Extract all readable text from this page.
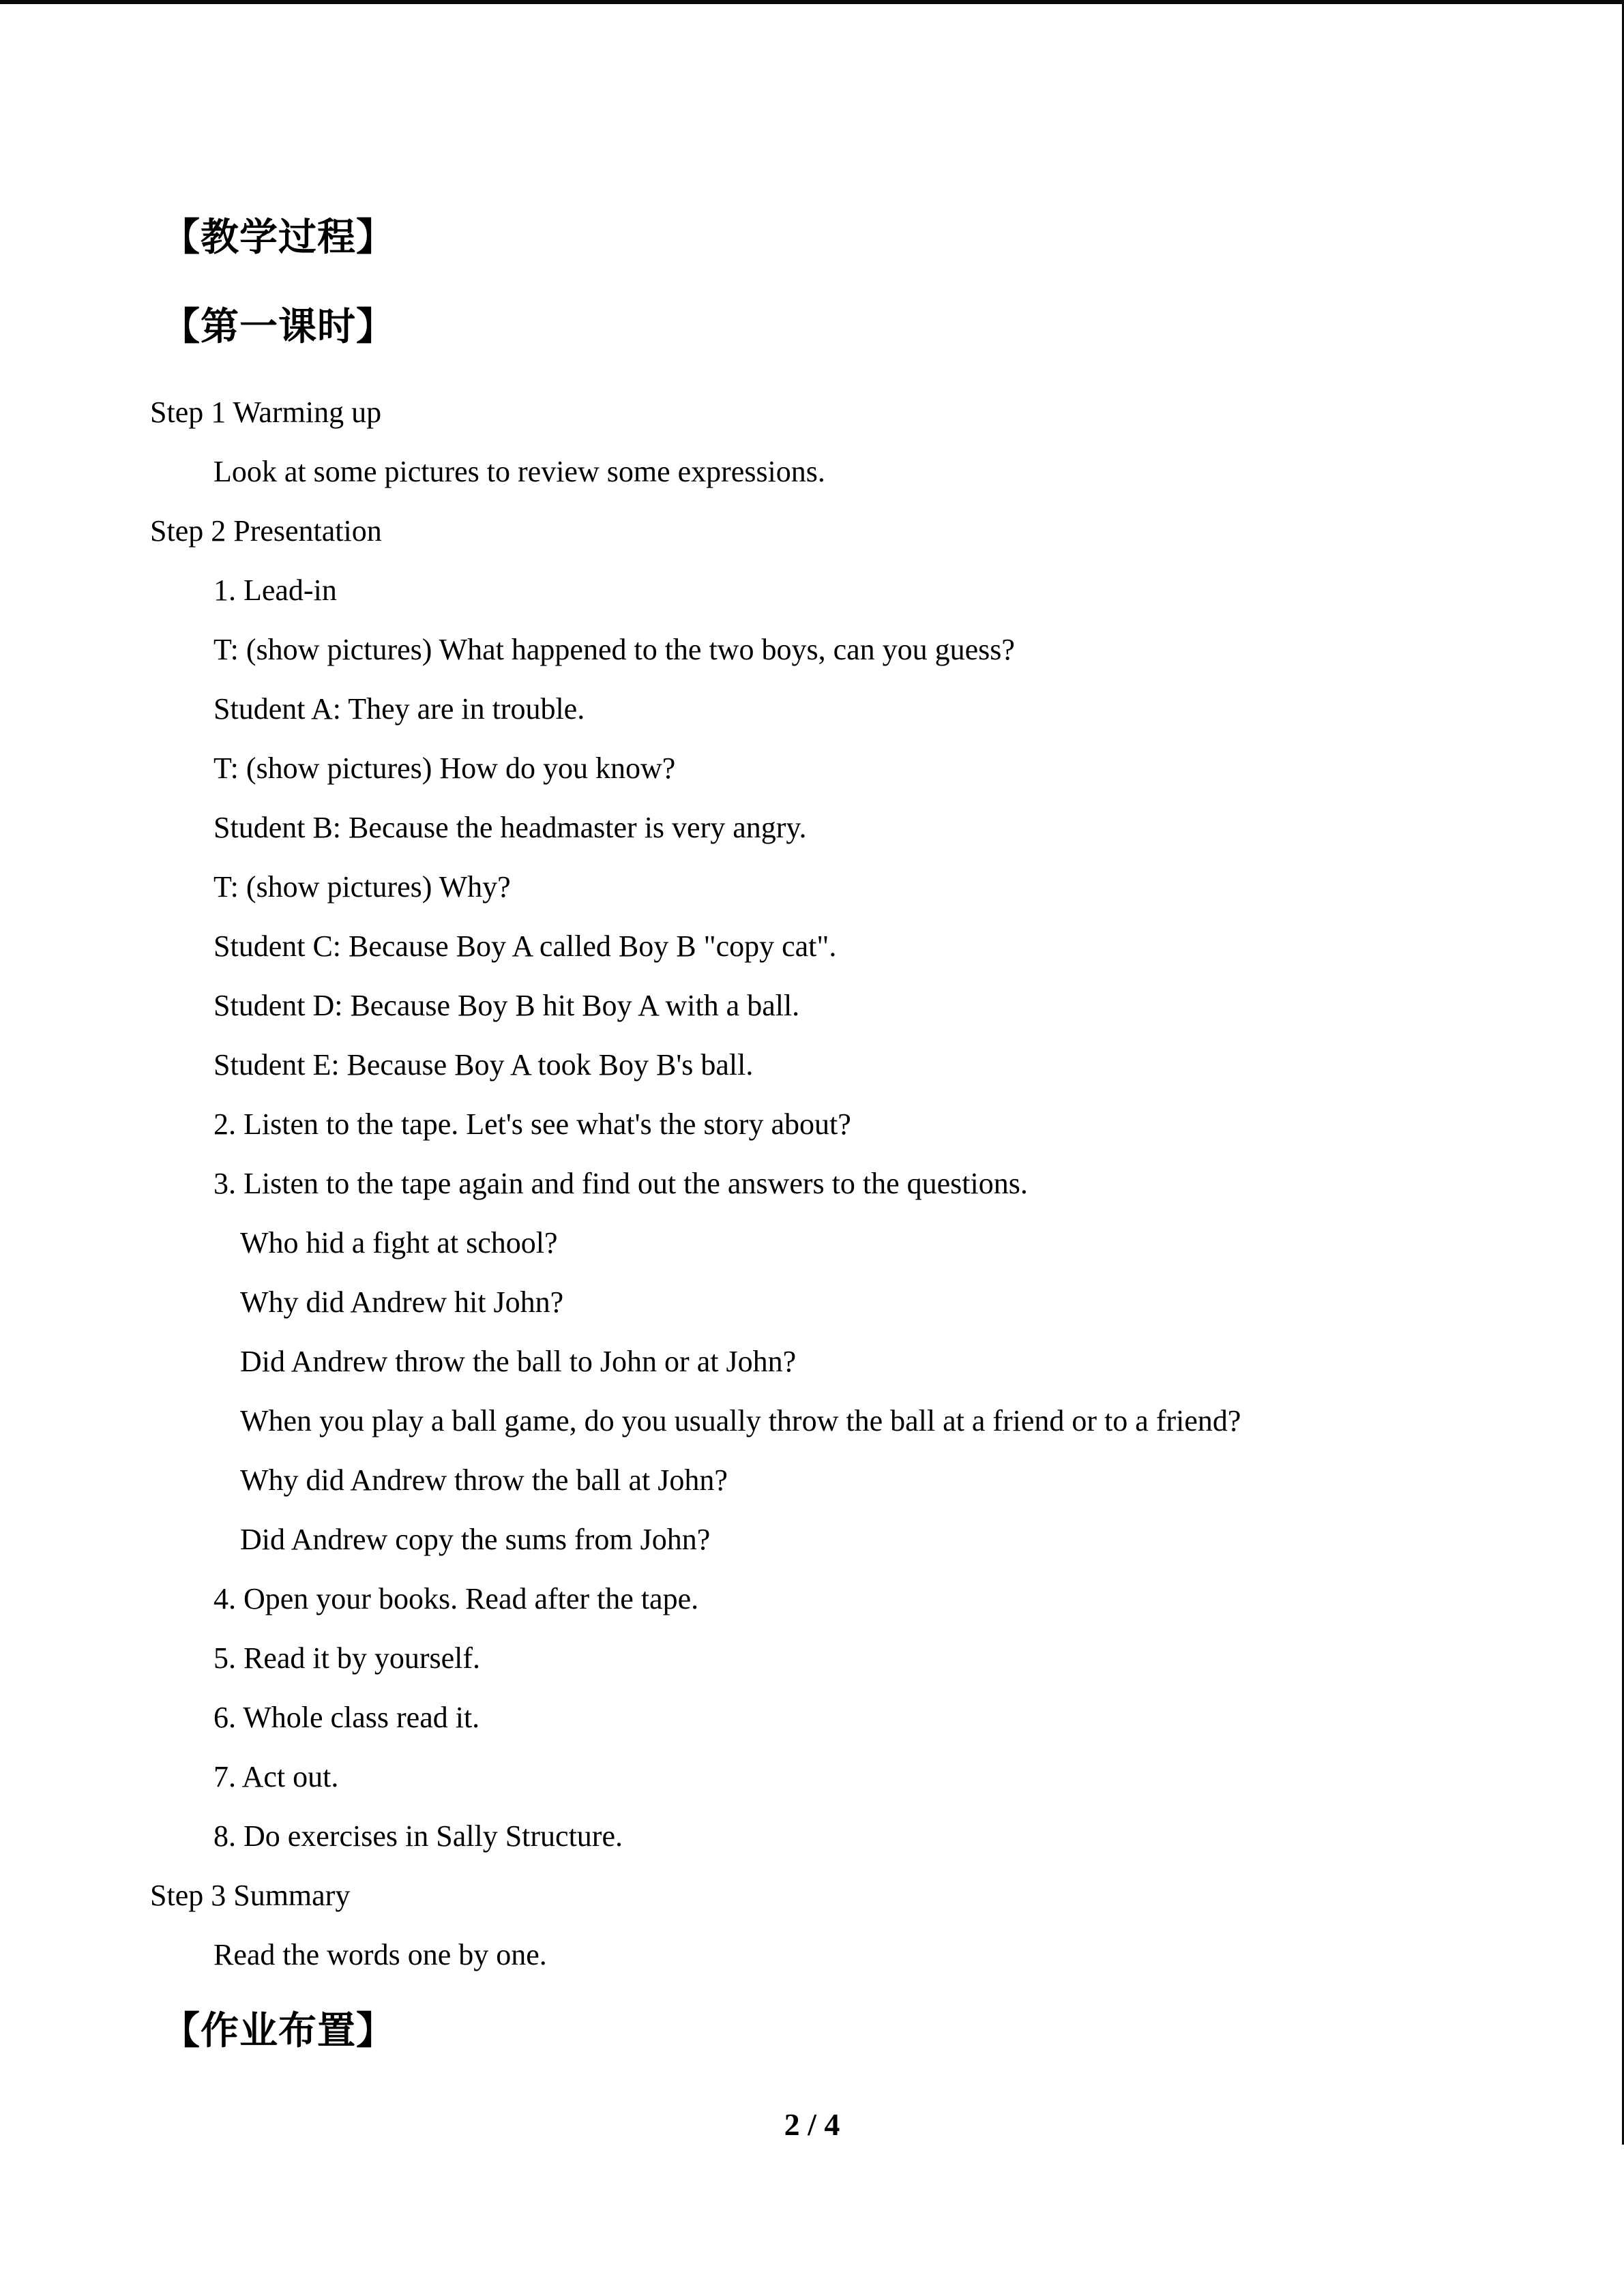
【教学过程】
【第一课时】

Step 1 Warming up

Look at some pictures to review some expressions.

Step 2 Presentation

1. Lead-in

T: (show pictures) What happened to the two boys, can you guess?

Student A: They are in trouble.

T: (show pictures) How do you know?

Student B: Because the headmaster is very angry.

T: (show pictures) Why?

Student C: Because Boy A called Boy B "copy cat".

Student D: Because Boy B hit Boy A with a ball.

Student E: Because Boy A took Boy B's ball.

2. Listen to the tape. Let's see what's the story about?

3. Listen to the tape again and find out the answers to the questions.

Who hid a fight at school?

Why did Andrew hit John?

Did Andrew throw the ball to John or at John?

When you play a ball game, do you usually throw the ball at a friend or to a friend?

Why did Andrew throw the ball at John?

Did Andrew copy the sums from John?

4. Open your books. Read after the tape.

5. Read it by yourself.

6. Whole class read it.

7. Act out.

8. Do exercises in Sally Structure.

Step 3 Summary

Read the words one by one.

【作业布置】
2 / 4
